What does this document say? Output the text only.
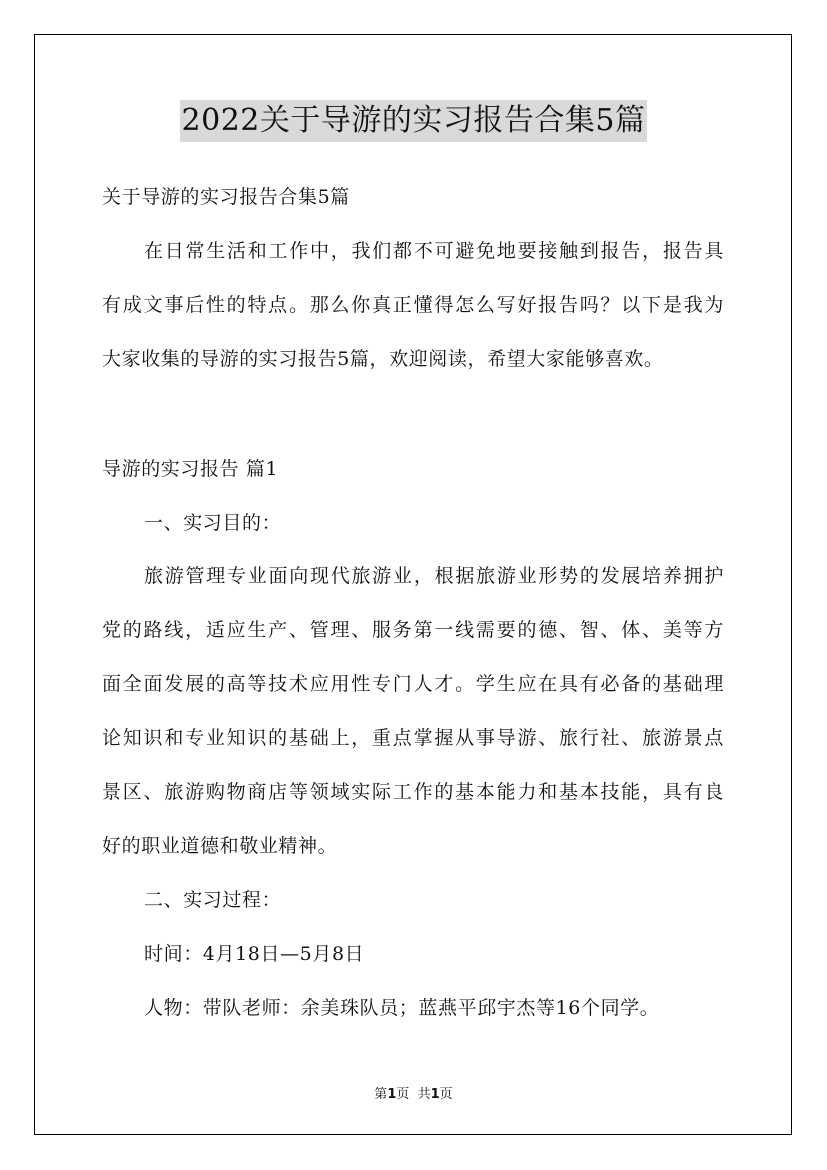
2022关于导游的实习报告合集5篇
关于导游的实习报告合集5篇
在日常生活和工作中，我们都不可避免地要接触到报告，报告具
有成文事后性的特点。那么你真正懂得怎么写好报告吗？以下是我为
大家收集的导游的实习报告5篇，欢迎阅读，希望大家能够喜欢。
导游的实习报告 篇1
一、实习目的：
旅游管理专业面向现代旅游业，根据旅游业形势的发展培养拥护
党的路线，适应生产、管理、服务第一线需要的德、智、体、美等方
面全面发展的高等技术应用性专门人才。学生应在具有必备的基础理
论知识和专业知识的基础上，重点掌握从事导游、旅行社、旅游景点
景区、旅游购物商店等领域实际工作的基本能力和基本技能，具有良
好的职业道德和敬业精神。
二、实习过程：
时间：4月18日—5月8日
人物：带队老师：余美珠队员；蓝燕平邱宇杰等16个同学。
第1页  共1页
